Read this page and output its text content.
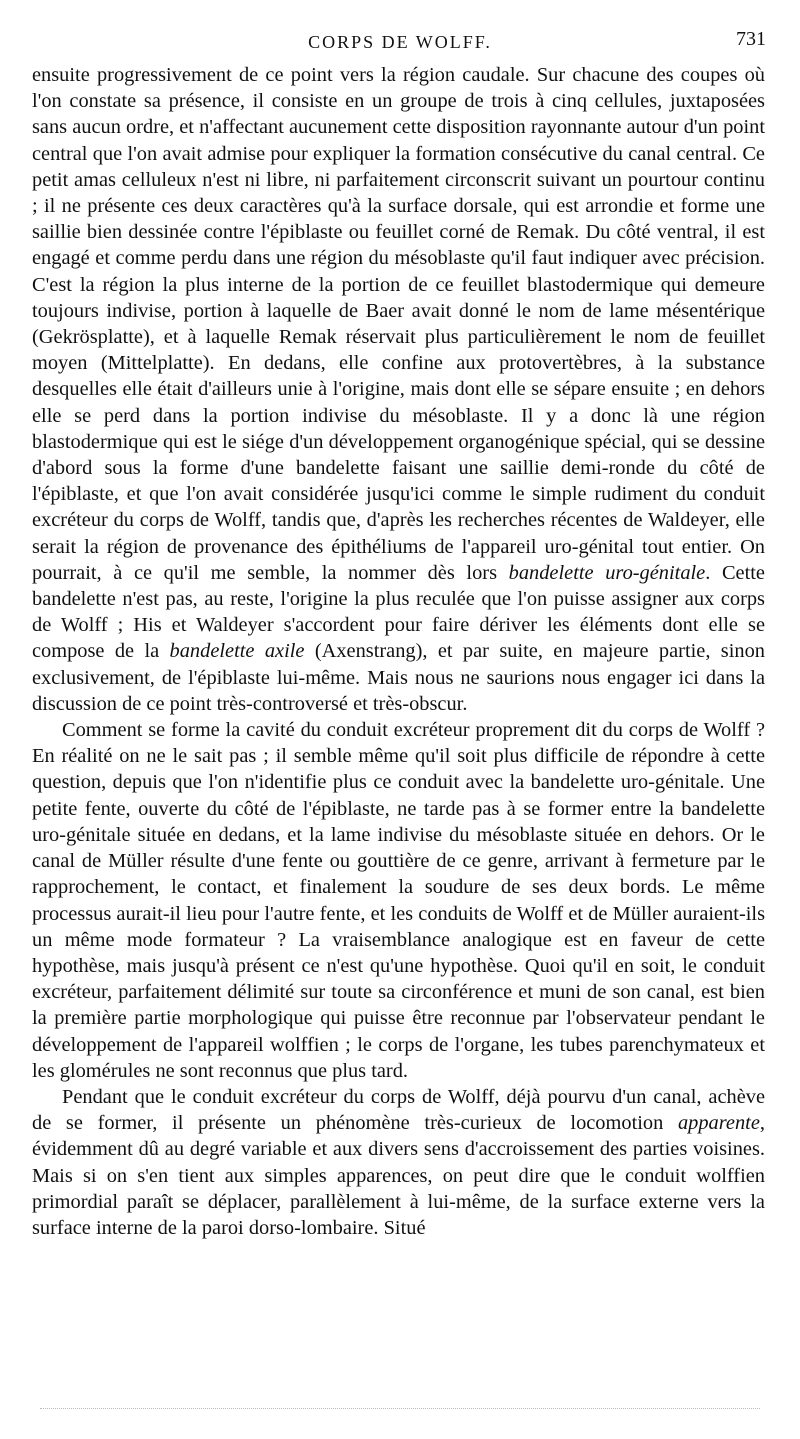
CORPS DE WOLFF.	731

ensuite progressivement de ce point vers la région caudale. Sur chacune des coupes où l'on constate sa présence, il consiste en un groupe de trois à cinq cellules, juxtaposées sans aucun ordre, et n'affectant aucunement cette disposition rayonnante autour d'un point central que l'on avait admise pour expliquer la formation consécutive du canal central. Ce petit amas celluleux n'est ni libre, ni parfaitement circonscrit suivant un pourtour continu ; il ne présente ces deux caractères qu'à la surface dorsale, qui est arrondie et forme une saillie bien dessinée contre l'épiblaste ou feuillet corné de Remak. Du côté ventral, il est engagé et comme perdu dans une région du mésoblaste qu'il faut indiquer avec précision. C'est la région la plus interne de la portion de ce feuillet blastodermique qui demeure toujours indivise, portion à laquelle de Baer avait donné le nom de lame mésentérique (Gekrösplatte), et à laquelle Remak réservait plus particulièrement le nom de feuillet moyen (Mittelplatte). En dedans, elle confine aux protovertèbres, à la substance desquelles elle était d'ailleurs unie à l'origine, mais dont elle se sépare ensuite ; en dehors elle se perd dans la portion indivise du mésoblaste. Il y a donc là une région blastodermique qui est le siége d'un développement organogénique spécial, qui se dessine d'abord sous la forme d'une bandelette faisant une saillie demi-ronde du côté de l'épiblaste, et que l'on avait considérée jusqu'ici comme le simple rudiment du conduit excréteur du corps de Wolff, tandis que, d'après les recherches récentes de Waldeyer, elle serait la région de provenance des épithéliums de l'appareil uro-génital tout entier. On pourrait, à ce qu'il me semble, la nommer dès lors bandelette uro-génitale. Cette bandelette n'est pas, au reste, l'origine la plus reculée que l'on puisse assigner aux corps de Wolff ; His et Waldeyer s'accordent pour faire dériver les éléments dont elle se compose de la bandelette axile (Axenstrang), et par suite, en majeure partie, sinon exclusivement, de l'épiblaste lui-même. Mais nous ne saurions nous engager ici dans la discussion de ce point très-controversé et très-obscur.

Comment se forme la cavité du conduit excréteur proprement dit du corps de Wolff ? En réalité on ne le sait pas ; il semble même qu'il soit plus difficile de répondre à cette question, depuis que l'on n'identifie plus ce conduit avec la bandelette uro-génitale. Une petite fente, ouverte du côté de l'épiblaste, ne tarde pas à se former entre la bandelette uro-génitale située en dedans, et la lame indivise du mésoblaste située en dehors. Or le canal de Müller résulte d'une fente ou gouttière de ce genre, arrivant à fermeture par le rapprochement, le contact, et finalement la soudure de ses deux bords. Le même processus aurait-il lieu pour l'autre fente, et les conduits de Wolff et de Müller auraient-ils un même mode formateur ? La vraisemblance analogique est en faveur de cette hypothèse, mais jusqu'à présent ce n'est qu'une hypothèse. Quoi qu'il en soit, le conduit excréteur, parfaitement délimité sur toute sa circonférence et muni de son canal, est bien la première partie morphologique qui puisse être reconnue par l'observateur pendant le développement de l'appareil wolffien ; le corps de l'organe, les tubes parenchymateux et les glomérules ne sont reconnus que plus tard.

Pendant que le conduit excréteur du corps de Wolff, déjà pourvu d'un canal, achève de se former, il présente un phénomène très-curieux de locomotion apparente, évidemment dû au degré variable et aux divers sens d'accroissement des parties voisines. Mais si on s'en tient aux simples apparences, on peut dire que le conduit wolffien primordial paraît se déplacer, parallèlement à lui-même, de la surface externe vers la surface interne de la paroi dorso-lombaire. Situé
